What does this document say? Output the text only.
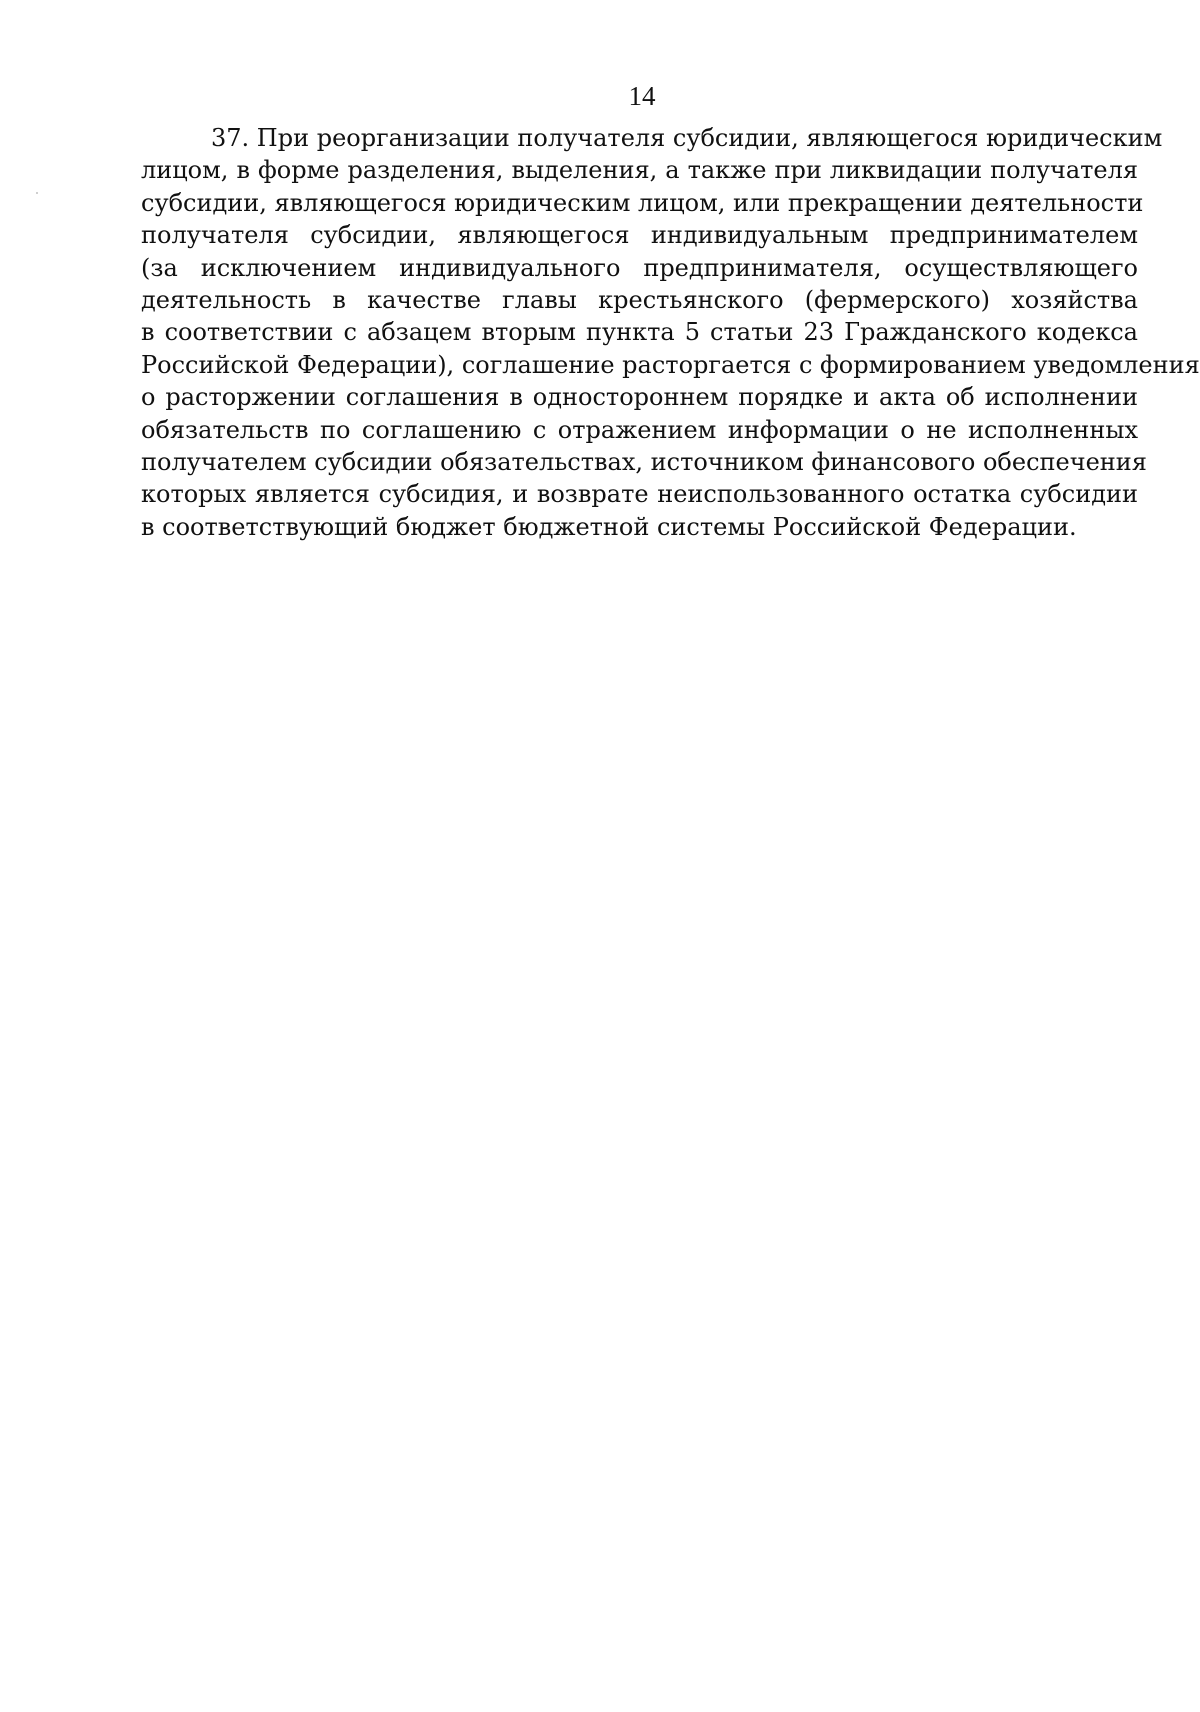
14
37. При реорганизации получателя субсидии, являющегося юридическим
лицом, в форме разделения, выделения, а также при ликвидации получателя
субсидии, являющегося юридическим лицом, или прекращении деятельности
получателя субсидии, являющегося индивидуальным предпринимателем
(за исключением индивидуального предпринимателя, осуществляющего
деятельность в качестве главы крестьянского (фермерского) хозяйства
в соответствии с абзацем вторым пункта 5 статьи 23 Гражданского кодекса
Российской Федерации), соглашение расторгается с формированием уведомления
о расторжении соглашения в одностороннем порядке и акта об исполнении
обязательств по соглашению с отражением информации о не исполненных
получателем субсидии обязательствах, источником финансового обеспечения
которых является субсидия, и возврате неиспользованного остатка субсидии
в соответствующий бюджет бюджетной системы Российской Федерации.
